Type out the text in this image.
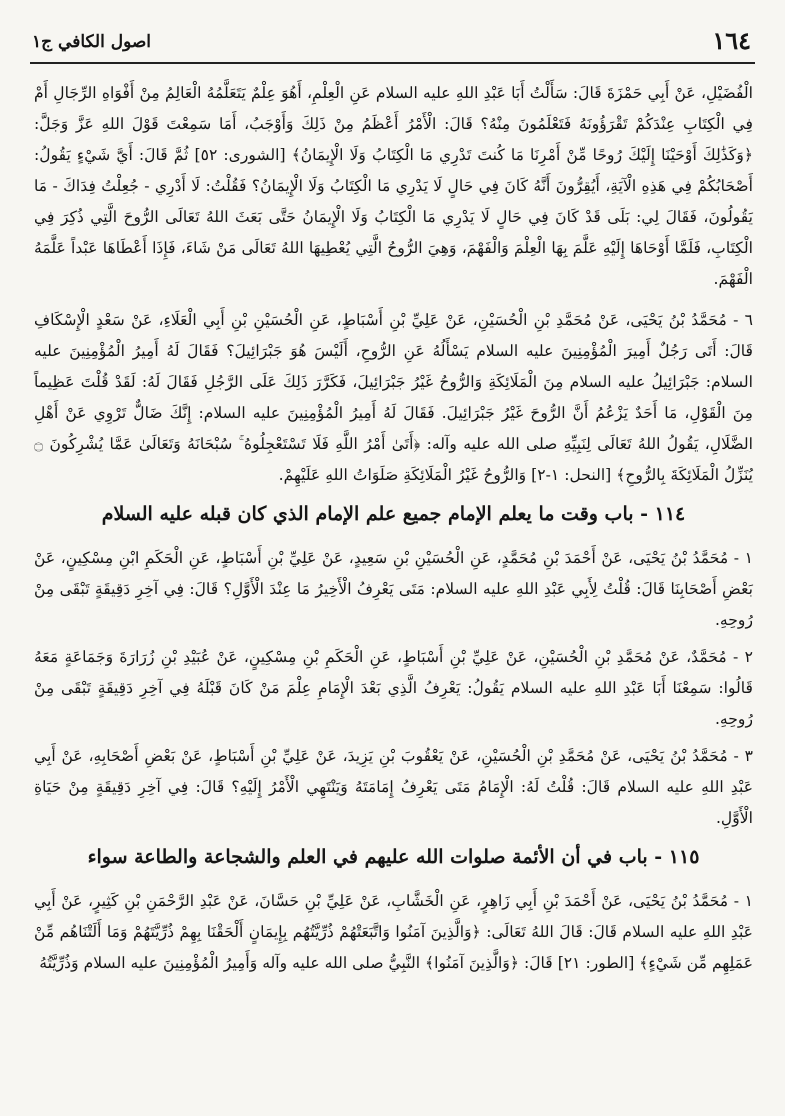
١٦٤
اصول الكافي ج١

الْفُضَيْلِ، عَنْ أَبِي حَمْزَةَ قَالَ: سَأَلْتُ أَبَا عَبْدِ اللهِ عليه السلام عَنِ الْعِلْمِ، أَهُوَ عِلْمٌ يَتَعَلَّمُهُ الْعَالِمُ مِنْ أَفْوَاهِ الرِّجَالِ أَمْ فِي الْكِتَابِ عِنْدَكُمْ تَقْرَؤُونَهُ فَتَعْلَمُونَ مِنْهُ؟ قَالَ: الْأَمْرُ أَعْظَمُ مِنْ ذَلِكَ وَأَوْجَبُ، أَمَا سَمِعْتَ قَوْلَ اللهِ عَزَّ وَجَلَّ: ﴿وَكَذَٰلِكَ أَوْحَيْنَا إِلَيْكَ رُوحًا مِّنْ أَمْرِنَا مَا كُنتَ تَدْرِي مَا الْكِتَابُ وَلَا الْإِيمَانُ﴾ [الشورى: ٥٢] ثُمَّ قَالَ: أَيَّ شَيْءٍ يَقُولُ: أَصْحَابُكُمْ فِي هَذِهِ الْآيَةِ، أَيُقِرُّونَ أَنَّهُ كَانَ فِي حَالٍ لَا يَدْرِي مَا الْكِتَابُ وَلَا الْإِيمَانُ؟ فَقُلْتُ: لَا أَدْرِي - جُعِلْتُ فِدَاكَ - مَا يَقُولُونَ، فَقَالَ لِي: بَلَى قَدْ كَانَ فِي حَالٍ لَا يَدْرِي مَا الْكِتَابُ وَلَا الْإِيمَانُ حَتَّى بَعَثَ اللهُ تَعَالَى الرُّوحَ الَّتِي ذُكِرَ فِي الْكِتَابِ، فَلَمَّا أَوْحَاهَا إِلَيْهِ عَلَّمَ بِهَا الْعِلْمَ وَالْفَهْمَ، وَهِيَ الرُّوحُ الَّتِي يُعْطِيهَا اللهُ تَعَالَى مَنْ شَاءَ، فَإِذَا أَعْطَاهَا عَبْداً عَلَّمَهُ الْفَهْمَ.

٦ - مُحَمَّدُ بْنُ يَحْيَى، عَنْ مُحَمَّدِ بْنِ الْحُسَيْنِ، عَنْ عَلِيِّ بْنِ أَسْبَاطٍ، عَنِ الْحُسَيْنِ بْنِ أَبِي الْعَلَاءِ، عَنْ سَعْدٍ الْإِسْكَافِ قَالَ: أَتَى رَجُلٌ أَمِيرَ الْمُؤْمِنِينَ عليه السلام يَسْأَلُهُ عَنِ الرُّوحِ، أَلَيْسَ هُوَ جَبْرَائِيلَ؟ فَقَالَ لَهُ أَمِيرُ الْمُؤْمِنِينَ عليه السلام: جَبْرَائِيلُ عليه السلام مِنَ الْمَلَائِكَةِ وَالرُّوحُ غَيْرُ جَبْرَائِيلَ، فَكَرَّرَ ذَلِكَ عَلَى الرَّجُلِ فَقَالَ لَهُ: لَقَدْ قُلْتَ عَظِيماً مِنَ الْقَوْلِ، مَا أَحَدٌ يَزْعُمُ أَنَّ الرُّوحَ غَيْرُ جَبْرَائِيلَ. فَقَالَ لَهُ أَمِيرُ الْمُؤْمِنِينَ عليه السلام: إِنَّكَ ضَالٌّ تَرْوِي عَنْ أَهْلِ الضَّلَالِ، يَقُولُ اللهُ تَعَالَى لِنَبِيِّهِ صلى الله عليه وآله: ﴿أَتَىٰ أَمْرُ اللَّهِ فَلَا تَسْتَعْجِلُوهُ ۚ سُبْحَانَهُ وَتَعَالَىٰ عَمَّا يُشْرِكُونَ ۝ يُنَزِّلُ الْمَلَائِكَةَ بِالرُّوحِ﴾ [النحل: ١-٢] وَالرُّوحُ غَيْرُ الْمَلَائِكَةِ صَلَوَاتُ اللهِ عَلَيْهِمْ.

١١٤ - باب وقت ما يعلم الإمام جميع علم الإمام الذي كان قبله عليه السلام

١ - مُحَمَّدُ بْنُ يَحْيَى، عَنْ أَحْمَدَ بْنِ مُحَمَّدٍ، عَنِ الْحُسَيْنِ بْنِ سَعِيدٍ، عَنْ عَلِيِّ بْنِ أَسْبَاطٍ، عَنِ الْحَكَمِ ابْنِ مِسْكِينٍ، عَنْ بَعْضِ أَصْحَابِنَا قَالَ: قُلْتُ لِأَبِي عَبْدِ اللهِ عليه السلام: مَتَى يَعْرِفُ الْأَخِيرُ مَا عِنْدَ الْأَوَّلِ؟ قَالَ: فِي آخِرِ دَقِيقَةٍ تَبْقَى مِنْ رُوحِهِ.

٢ - مُحَمَّدٌ، عَنْ مُحَمَّدِ بْنِ الْحُسَيْنِ، عَنْ عَلِيِّ بْنِ أَسْبَاطٍ، عَنِ الْحَكَمِ بْنِ مِسْكِينٍ، عَنْ عُبَيْدِ بْنِ زُرَارَةَ وَجَمَاعَةٍ مَعَهُ قَالُوا: سَمِعْنَا أَبَا عَبْدِ اللهِ عليه السلام يَقُولُ: يَعْرِفُ الَّذِي بَعْدَ الْإِمَامِ عِلْمَ مَنْ كَانَ قَبْلَهُ فِي آخِرِ دَقِيقَةٍ تَبْقَى مِنْ رُوحِهِ.

٣ - مُحَمَّدُ بْنُ يَحْيَى، عَنْ مُحَمَّدِ بْنِ الْحُسَيْنِ، عَنْ يَعْقُوبَ بْنِ يَزِيدَ، عَنْ عَلِيِّ بْنِ أَسْبَاطٍ، عَنْ بَعْضِ أَصْحَابِهِ، عَنْ أَبِي عَبْدِ اللهِ عليه السلام قَالَ: قُلْتُ لَهُ: الْإِمَامُ مَتَى يَعْرِفُ إِمَامَتَهُ وَيَنْتَهِي الْأَمْرُ إِلَيْهِ؟ قَالَ: فِي آخِرِ دَقِيقَةٍ مِنْ حَيَاةِ الْأَوَّلِ.

١١٥ - باب في أن الأئمة صلوات الله عليهم في العلم والشجاعة والطاعة سواء

١ - مُحَمَّدُ بْنُ يَحْيَى، عَنْ أَحْمَدَ بْنِ أَبِي زَاهِرٍ، عَنِ الْخَشَّابِ، عَنْ عَلِيِّ بْنِ حَسَّانَ، عَنْ عَبْدِ الرَّحْمَنِ بْنِ كَثِيرٍ، عَنْ أَبِي عَبْدِ اللهِ عليه السلام قَالَ: قَالَ اللهُ تَعَالَى: ﴿وَالَّذِينَ آمَنُوا وَاتَّبَعَتْهُمْ ذُرِّيَّتُهُم بِإِيمَانٍ أَلْحَقْنَا بِهِمْ ذُرِّيَّتَهُمْ وَمَا أَلَتْنَاهُم مِّنْ عَمَلِهِم مِّن شَيْءٍ﴾ [الطور: ٢١] قَالَ: ﴿وَالَّذِينَ آمَنُوا﴾ النَّبِيُّ صلى الله عليه وآله وَأَمِيرُ الْمُؤْمِنِينَ عليه السلام وَذُرِّيَّتُهُ
